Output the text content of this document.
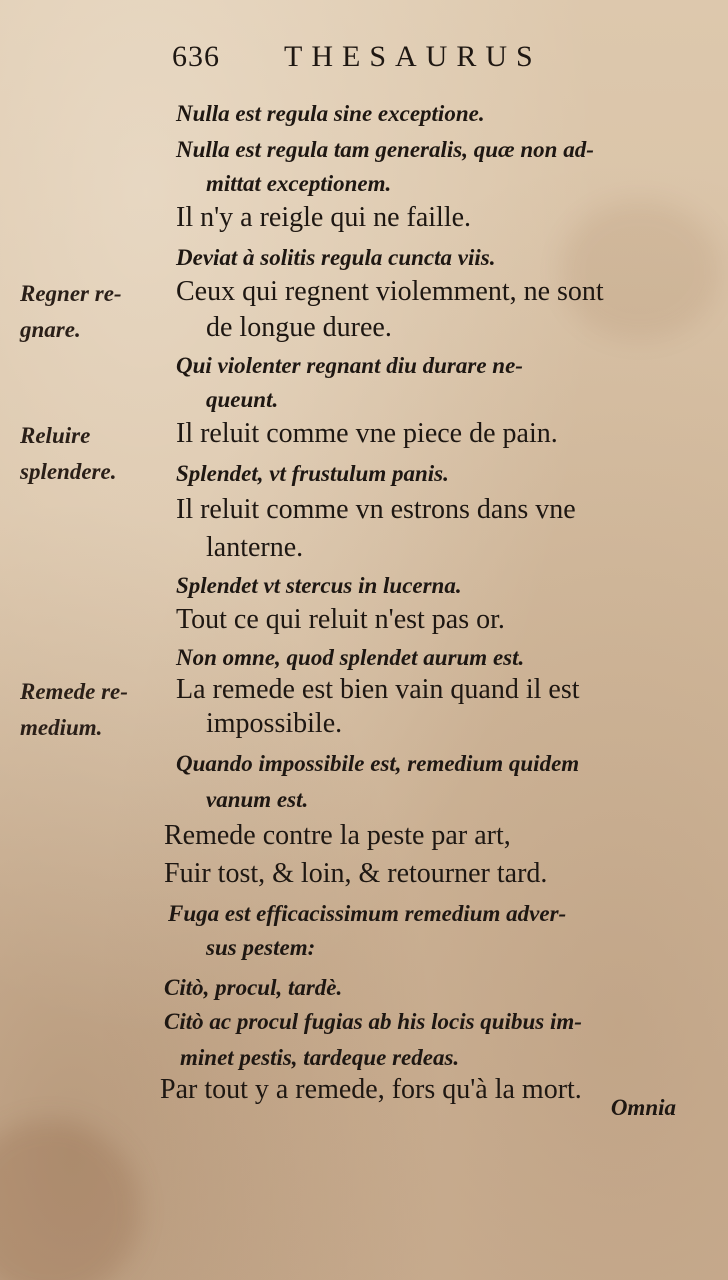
636 THESAURUS
Regner re-
gnare.
Reluire
splendere.
Remede re-
medium.
Nulla est regula sine exceptione.
Nulla est regula tam generalis, quæ non ad-
mittat exceptionem.
Il n'y a reigle qui ne faille.
Deviat à solitis regula cuncta viis.
Ceux qui regnent violemment, ne sont
de longue duree.
Qui violenter regnant diu durare ne-
queunt.
Il reluit comme vne piece de pain.
Splendet, vt frustulum panis.
Il reluit comme vn estrons dans vne
lanterne.
Splendet vt stercus in lucerna.
Tout ce qui reluit n'est pas or.
Non omne, quod splendet aurum est.
La remede est bien vain quand il est
impossibile.
Quando impossibile est, remedium quidem
vanum est.
Remede contre la peste par art,
Fuir tost, & loin, & retourner tard.
Fuga est efficacissimum remedium adver-
sus pestem:
Citò, procul, tardè.
Citò ac procul fugias ab his locis quibus im-
minet pestis, tardeque redeas.
Par tout y a remede, fors qu'à la mort.
Omnia
